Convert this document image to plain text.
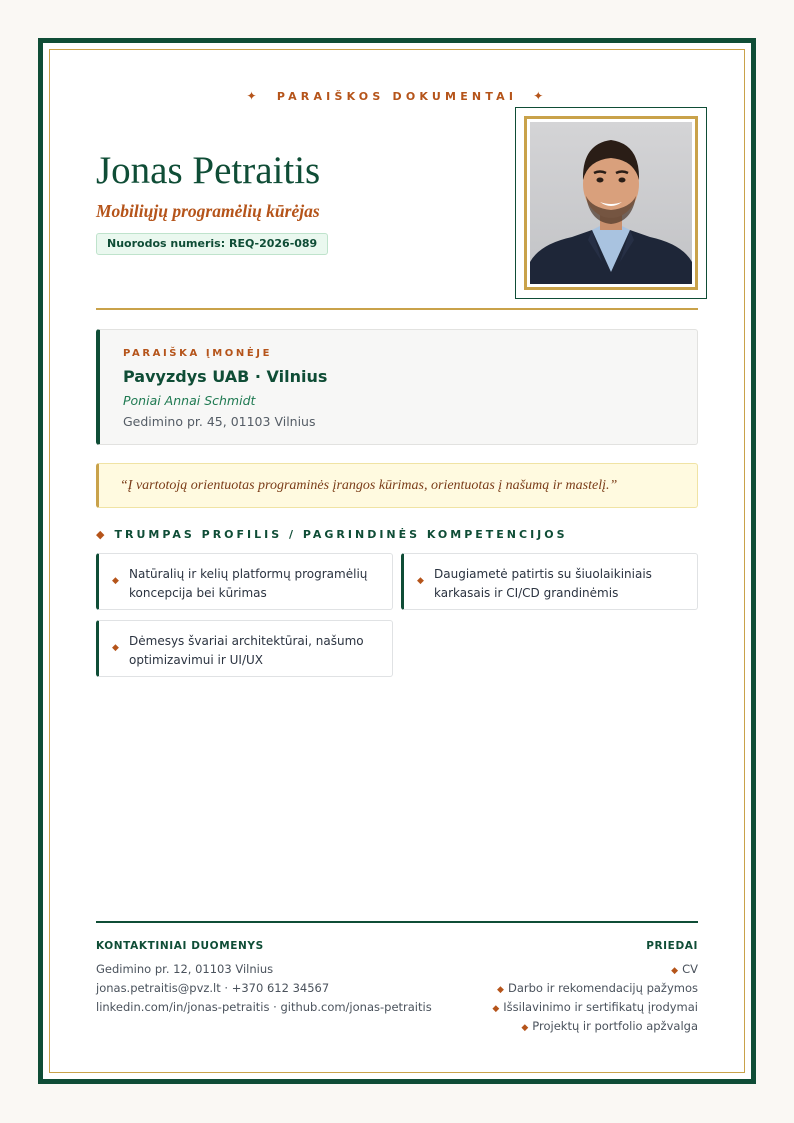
✦ PARAIŠKOS DOKUMENTAI ✦
Jonas Petraitis
Mobiliųjų programėlių kūrėjas
Nuorodos numeris: REQ-2026-089
PARAIŠKA ĮMONĖJE
Pavyzdys UAB · Vilnius
Poniai Annai Schmidt
Gedimino pr. 45, 01103 Vilnius
“Į vartotoją orientuotas programinės įrangos kūrimas, orientuotas į našumą ir mastelį.”
◆ TRUMPAS PROFILIS / PAGRINDINĖS KOMPETENCIJOS
◆ Natūralių ir kelių platformų programėlių koncepcija bei kūrimas
◆ Daugiametė patirtis su šiuolaikiniais karkasais ir CI/CD grandinėmis
◆ Dėmesys švariai architektūrai, našumo optimizavimui ir UI/UX
KONTAKTINIAI DUOMENYS
Gedimino pr. 12, 01103 Vilnius
jonas.petraitis@pvz.lt · +370 612 34567
linkedin.com/in/jonas-petraitis · github.com/jonas-petraitis
PRIEDAI
◆ CV
◆ Darbo ir rekomendacijų pažymos
◆ Išsilavinimo ir sertifikatų įrodymai
◆ Projektų ir portfolio apžvalga
